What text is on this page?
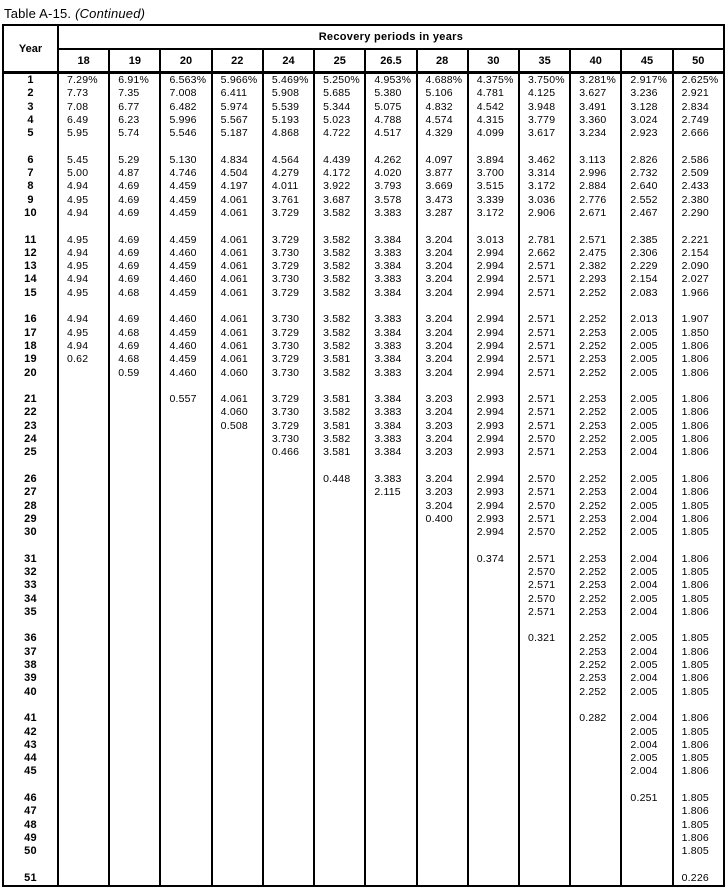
Table A-15. (Continued)
Year	Recovery periods in years												
	18	19	20	22	24	25	26.5	28	30	35	40	45	50
1	7.29%	6.91%	6.563%	5.966%	5.469%	5.250%	4.953%	4.688%	4.375%	3.750%	3.281%	2.917%	2.625%
2	7.73	7.35	7.008	6.411	5.908	5.685	5.380	5.106	4.781	4.125	3.627	3.236	2.921
3	7.08	6.77	6.482	5.974	5.539	5.344	5.075	4.832	4.542	3.948	3.491	3.128	2.834
4	6.49	6.23	5.996	5.567	5.193	5.023	4.788	4.574	4.315	3.779	3.360	3.024	2.749
5	5.95	5.74	5.546	5.187	4.868	4.722	4.517	4.329	4.099	3.617	3.234	2.923	2.666

6	5.45	5.29	5.130	4.834	4.564	4.439	4.262	4.097	3.894	3.462	3.113	2.826	2.586
7	5.00	4.87	4.746	4.504	4.279	4.172	4.020	3.877	3.700	3.314	2.996	2.732	2.509
8	4.94	4.69	4.459	4.197	4.011	3.922	3.793	3.669	3.515	3.172	2.884	2.640	2.433
9	4.95	4.69	4.459	4.061	3.761	3.687	3.578	3.473	3.339	3.036	2.776	2.552	2.380
10	4.94	4.69	4.459	4.061	3.729	3.582	3.383	3.287	3.172	2.906	2.671	2.467	2.290

11	4.95	4.69	4.459	4.061	3.729	3.582	3.384	3.204	3.013	2.781	2.571	2.385	2.221
12	4.94	4.69	4.460	4.061	3.730	3.582	3.383	3.204	2.994	2.662	2.475	2.306	2.154
13	4.95	4.69	4.459	4.061	3.729	3.582	3.384	3.204	2.994	2.571	2.382	2.229	2.090
14	4.94	4.69	4.460	4.061	3.730	3.582	3.383	3.204	2.994	2.571	2.293	2.154	2.027
15	4.95	4.68	4.459	4.061	3.729	3.582	3.384	3.204	2.994	2.571	2.252	2.083	1.966

16	4.94	4.69	4.460	4.061	3.730	3.582	3.383	3.204	2.994	2.571	2.252	2.013	1.907
17	4.95	4.68	4.459	4.061	3.729	3.582	3.384	3.204	2.994	2.571	2.253	2.005	1.850
18	4.94	4.69	4.460	4.061	3.730	3.582	3.383	3.204	2.994	2.571	2.252	2.005	1.806
19	0.62	4.68	4.459	4.061	3.729	3.581	3.384	3.204	2.994	2.571	2.253	2.005	1.806
20		0.59	4.460	4.060	3.730	3.582	3.383	3.204	2.994	2.571	2.252	2.005	1.806

21			0.557	4.061	3.729	3.581	3.384	3.203	2.993	2.571	2.253	2.005	1.806
22				4.060	3.730	3.582	3.383	3.204	2.994	2.571	2.252	2.005	1.806
23				0.508	3.729	3.581	3.384	3.203	2.993	2.571	2.253	2.005	1.806
24					3.730	3.582	3.383	3.204	2.994	2.570	2.252	2.005	1.806
25					0.466	3.581	3.384	3.203	2.993	2.571	2.253	2.004	1.806

26						0.448	3.383	3.204	2.994	2.570	2.252	2.005	1.806
27							2.115	3.203	2.993	2.571	2.253	2.004	1.806
28								3.204	2.994	2.570	2.252	2.005	1.805
29								0.400	2.993	2.571	2.253	2.004	1.806
30									2.994	2.570	2.252	2.005	1.805

31									0.374	2.571	2.253	2.004	1.806
32										2.570	2.252	2.005	1.805
33										2.571	2.253	2.004	1.806
34										2.570	2.252	2.005	1.805
35										2.571	2.253	2.004	1.806

36										0.321	2.252	2.005	1.805
37											2.253	2.004	1.806
38											2.252	2.005	1.805
39											2.253	2.004	1.806
40											2.252	2.005	1.805

41											0.282	2.004	1.806
42												2.005	1.805
43												2.004	1.806
44												2.005	1.805
45												2.004	1.806

46												0.251	1.805
47													1.806
48													1.805
49													1.806
50													1.805

51													0.226
